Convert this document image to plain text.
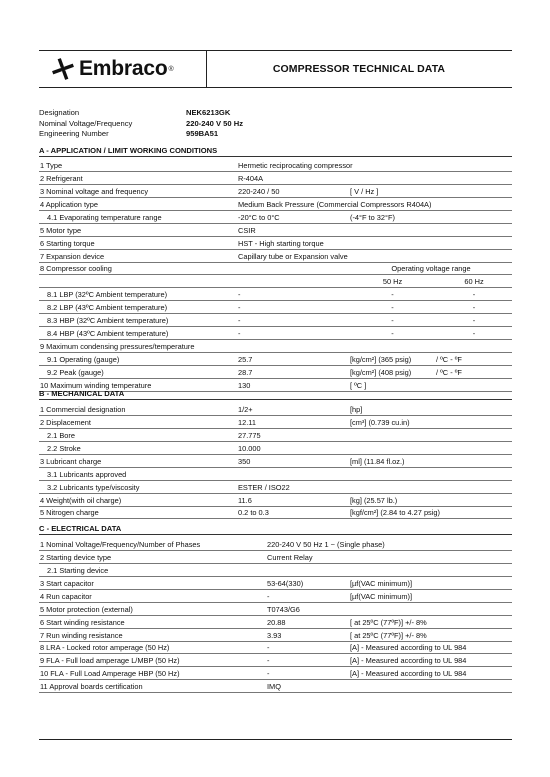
Embraco ®	COMPRESSOR TECHNICAL DATA
Designation	NEK6213GK
Nominal Voltage/Frequency	220-240 V 50 Hz
Engineering Number	959BA51
A - APPLICATION / LIMIT WORKING CONDITIONS
1 Type	Hermetic reciprocating compressor		
2 Refrigerant	R-404A		
3 Nominal voltage and frequency	220-240 / 50	[ V / Hz ]	
4 Application type	Medium Back Pressure (Commercial Compressors R404A)		
4.1 Evaporating temperature range	-20°C to 0°C	(-4°F to 32°F)	
5 Motor type	CSIR		
6 Starting torque	HST - High starting torque		
7 Expansion device	Capillary tube or Expansion valve		
8 Compressor cooling		Operating voltage range	
		50 Hz	60 Hz
8.1 LBP (32ºC Ambient temperature)	-	-	-
8.2 LBP (43ºC Ambient temperature)	-	-	-
8.3 HBP (32ºC Ambient temperature)	-	-	-
8.4 HBP (43ºC Ambient temperature)	-	-	-
9 Maximum condensing pressures/temperature			
9.1 Operating (gauge)	25.7	[kg/cm²] (365 psig)	/ ºC - ºF
9.2 Peak (gauge)	28.7	[kg/cm²] (408 psig)	/ ºC - ºF
10 Maximum winding temperature	130	[ ºC ]	
B - MECHANICAL DATA
1 Commercial designation	1/2+	[hp]
2 Displacement	12.11	[cm³] (0.739 cu.in)
2.1 Bore	27.775	
2.2 Stroke	10.000	
3 Lubricant charge	350	[ml] (11.84 fl.oz.)
3.1 Lubricants approved		
3.2 Lubricants type/viscosity	ESTER / ISO22	
4 Weight(with oil charge)	11.6	[kg] (25.57 lb.)
5 Nitrogen charge	0.2 to 0.3	[kgf/cm²] (2.84 to 4.27 psig)
C - ELECTRICAL DATA
1 Nominal Voltage/Frequency/Number of Phases	220-240 V 50 Hz 1 ~ (Single phase)	
2 Starting device type	Current Relay	
2.1 Starting device		
3 Start capacitor	53-64(330)	[µf(VAC minimum)]
4 Run capacitor	-	[µf(VAC minimum)]
5 Motor protection (external)	T0743/G6	
6 Start winding resistance	20.88	[ at 25ºC (77ºF)] +/- 8%
7 Run winding resistance	3.93	[ at 25ºC (77ºF)] +/- 8%
8 LRA - Locked rotor amperage (50 Hz)	-	[A] - Measured according to UL 984
9 FLA - Full load amperage L/MBP (50 Hz)	-	[A] - Measured according to UL 984
10 FLA - Full Load Amperage HBP (50 Hz)	-	[A] - Measured according to UL 984
11 Approval boards certification	IMQ	
